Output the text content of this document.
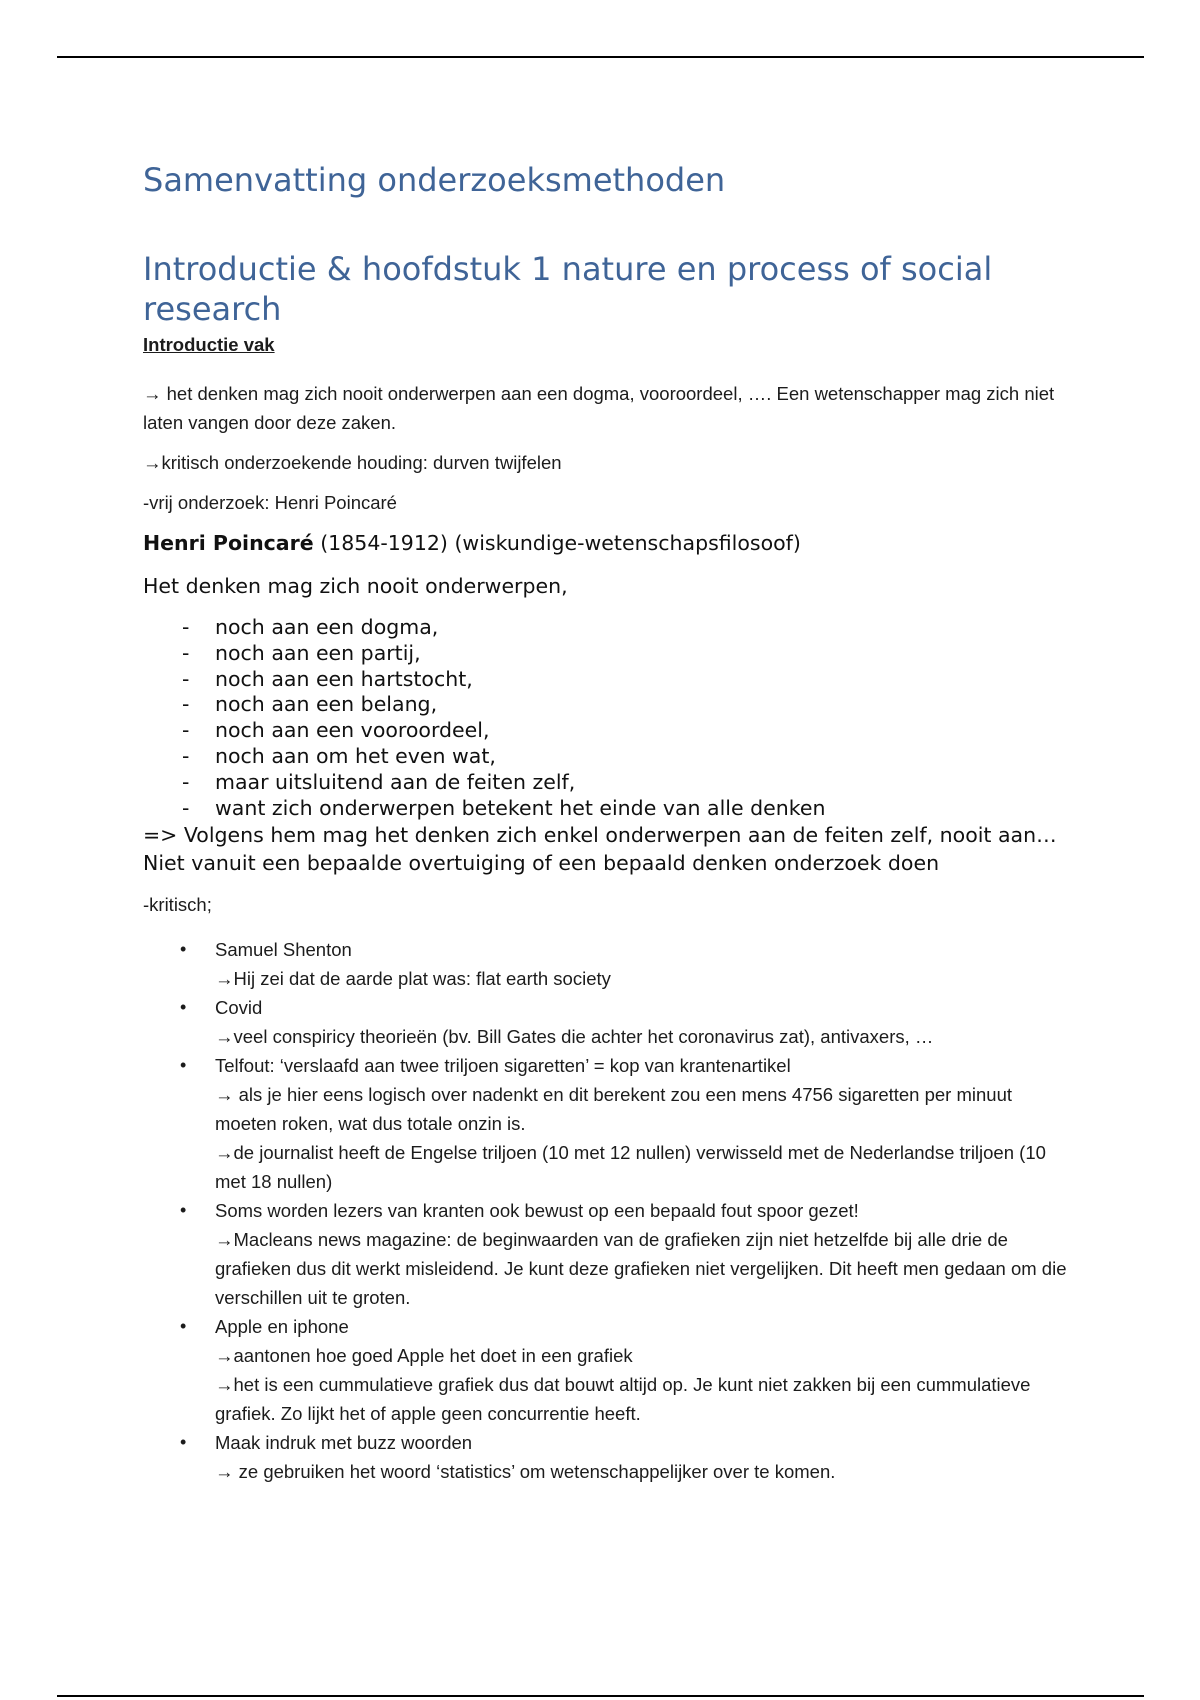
Samenvatting onderzoeksmethoden
Introductie & hoofdstuk 1 nature en process of social research
Introductie vak

→ het denken mag zich nooit onderwerpen aan een dogma, vooroordeel, …. Een wetenschapper mag zich niet laten vangen door deze zaken.

→kritisch onderzoekende houding: durven twijfelen

-vrij onderzoek: Henri Poincaré

Henri Poincaré (1854-1912) (wiskundige-wetenschapsfilosoof)
Het denken mag zich nooit onderwerpen,
- noch aan een dogma,
- noch aan een partij,
- noch aan een hartstocht,
- noch aan een belang,
- noch aan een vooroordeel,
- noch aan om het even wat,
- maar uitsluitend aan de feiten zelf,
- want zich onderwerpen betekent het einde van alle denken
=> Volgens hem mag het denken zich enkel onderwerpen aan de feiten zelf, nooit aan… Niet vanuit een bepaalde overtuiging of een bepaald denken onderzoek doen
-kritisch;
• Samuel Shenton
→Hij zei dat de aarde plat was: flat earth society
• Covid
→veel conspiricy theorieën (bv. Bill Gates die achter het coronavirus zat), antivaxers, …
• Telfout: ‘verslaafd aan twee triljoen sigaretten’ = kop van krantenartikel
→ als je hier eens logisch over nadenkt en dit berekent zou een mens 4756 sigaretten per minuut moeten roken, wat dus totale onzin is.
→de journalist heeft de Engelse triljoen (10 met 12 nullen) verwisseld met de Nederlandse triljoen (10 met 18 nullen)
• Soms worden lezers van kranten ook bewust op een bepaald fout spoor gezet!
→Macleans news magazine: de beginwaarden van de grafieken zijn niet hetzelfde bij alle drie de grafieken dus dit werkt misleidend. Je kunt deze grafieken niet vergelijken. Dit heeft men gedaan om die verschillen uit te groten.
• Apple en iphone
→aantonen hoe goed Apple het doet in een grafiek
→het is een cummulatieve grafiek dus dat bouwt altijd op. Je kunt niet zakken bij een cummulatieve grafiek. Zo lijkt het of apple geen concurrentie heeft.
• Maak indruk met buzz woorden
→ ze gebruiken het woord ‘statistics’ om wetenschappelijker over te komen.
